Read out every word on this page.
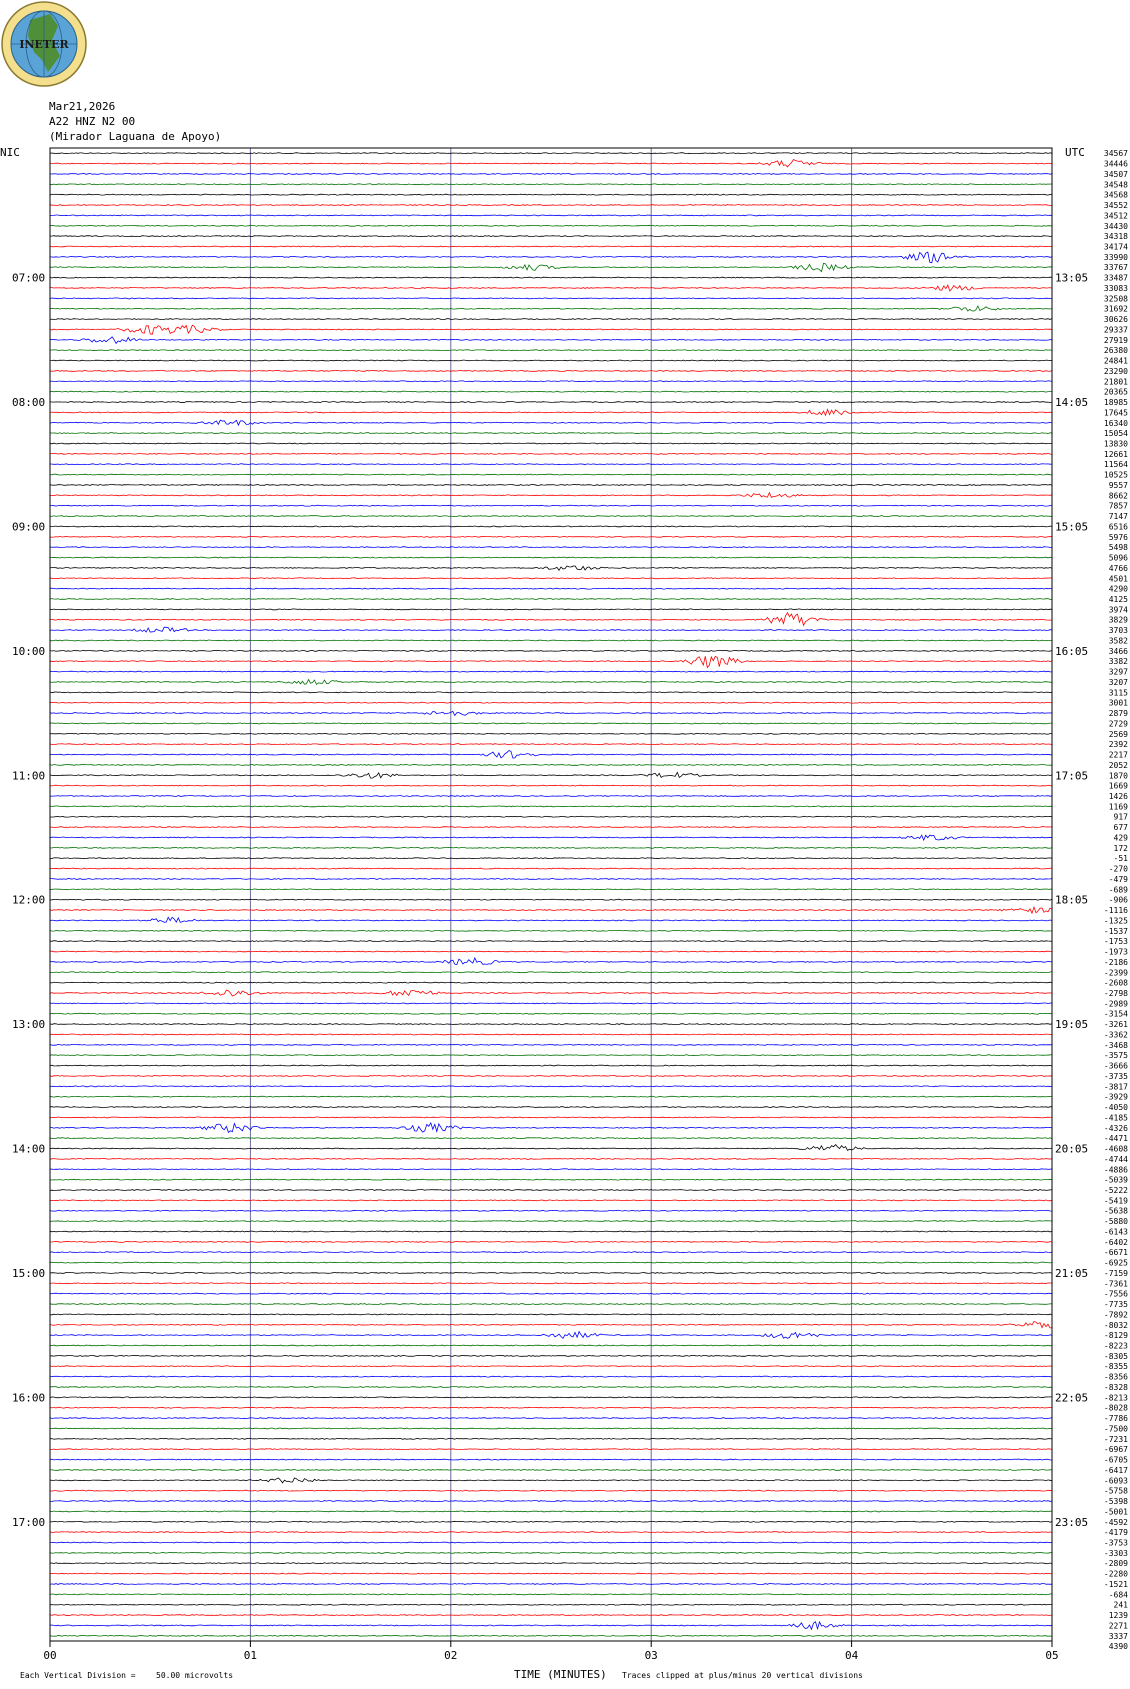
INETER
Mar21,2026
A22 HNZ N2 00
(Mirador Laguana de Apoyo)
NIC	UTC
07:00
08:00
09:00
10:00
11:00
12:00
13:00
14:00
15:00
16:00
17:00
13:05
14:05
15:05
16:05
17:05
18:05
19:05
20:05
21:05
22:05
23:05
34567
34446
34507
34548
34568
34552
34512
34430
34318
34174
33990
33767
33487
33083
32508
31692
30626
29337
27919
26380
24841
23290
21801
20365
18985
17645
16340
15054
13830
12661
11564
10525
9557
8662
7857
7147
6516
5976
5498
5096
4766
4501
4290
4125
3974
3829
3703
3582
3466
3382
3297
3207
3115
3001
2879
2729
2569
2392
2217
2052
1870
1669
1426
1169
917
677
429
172
-51
-270
-479
-689
-906
-1116
-1325
-1537
-1753
-1973
-2186
-2399
-2608
-2798
-2989
-3154
-3261
-3362
-3468
-3575
-3666
-3735
-3817
-3929
-4050
-4185
-4326
-4471
-4608
-4744
-4886
-5039
-5222
-5419
-5638
-5880
-6143
-6402
-6671
-6925
-7159
-7361
-7556
-7735
-7892
-8032
-8129
-8223
-8305
-8355
-8356
-8328
-8213
-8028
-7786
-7500
-7231
-6967
-6705
-6417
-6093
-5758
-5398
-5001
-4592
-4179
-3753
-3303
-2809
-2280
-1521
-684
241
1239
2271
3337
4390
00	01	02	03	04	05
TIME (MINUTES)
Each Vertical Division =	50.00 microvolts	Traces clipped at plus/minus 20 vertical divisions
